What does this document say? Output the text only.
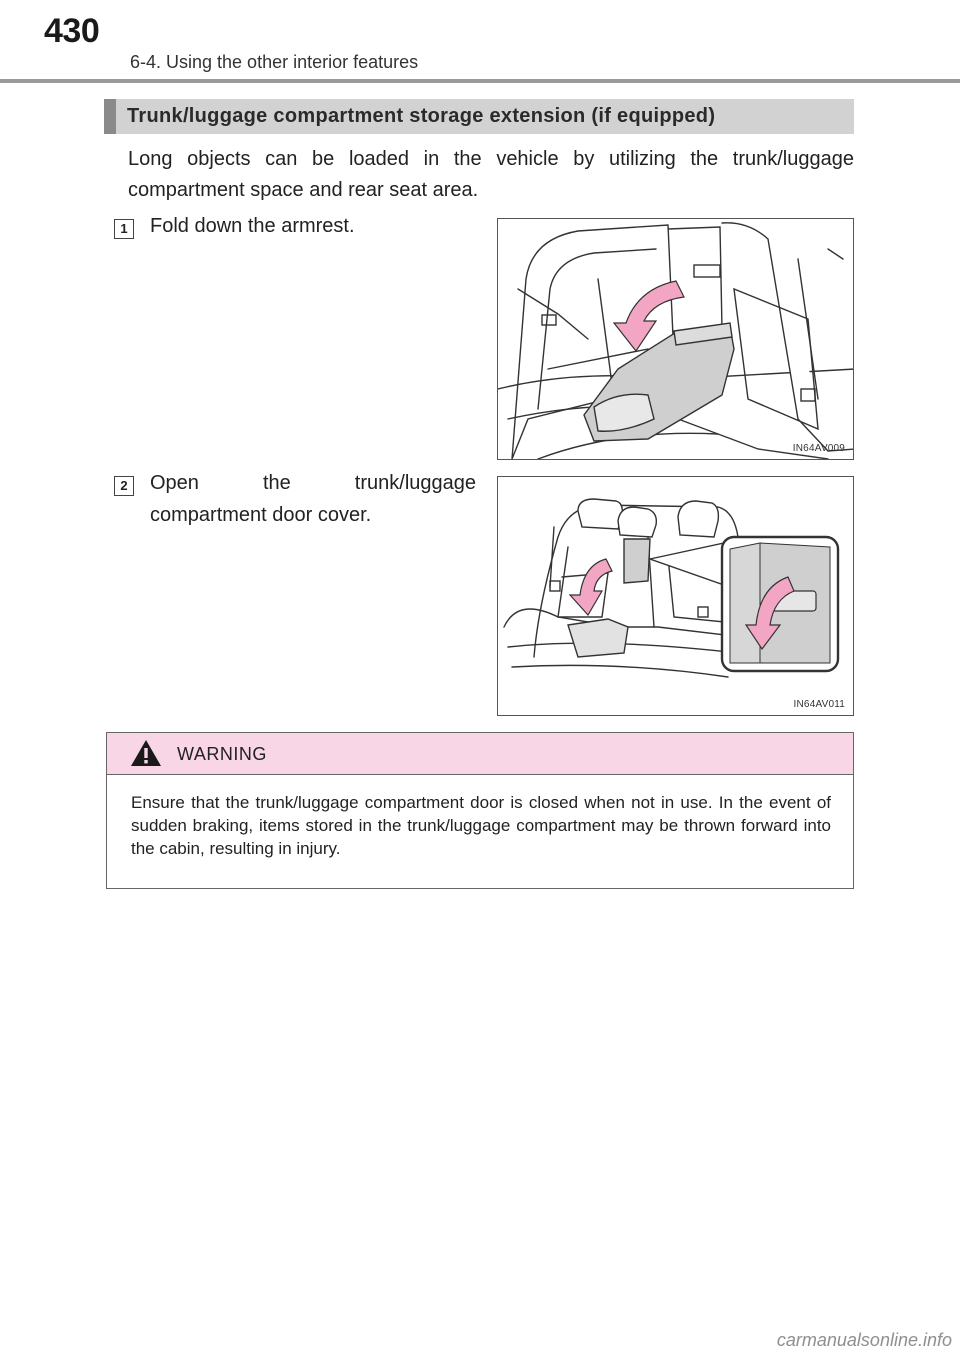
430
6-4. Using the other interior features
Trunk/luggage compartment storage extension (if equipped)
Long objects can be loaded in the vehicle by utilizing the trunk/luggage compartment space and rear seat area.
1	Fold down the armrest.
IN64AV009
2	Open the trunk/luggage compartment door cover.
IN64AV011
WARNING
Ensure that the trunk/luggage compartment door is closed when not in use. In the event of sudden braking, items stored in the trunk/luggage compartment may be thrown forward into the cabin, resulting in injury.
carmanualsonline.info
